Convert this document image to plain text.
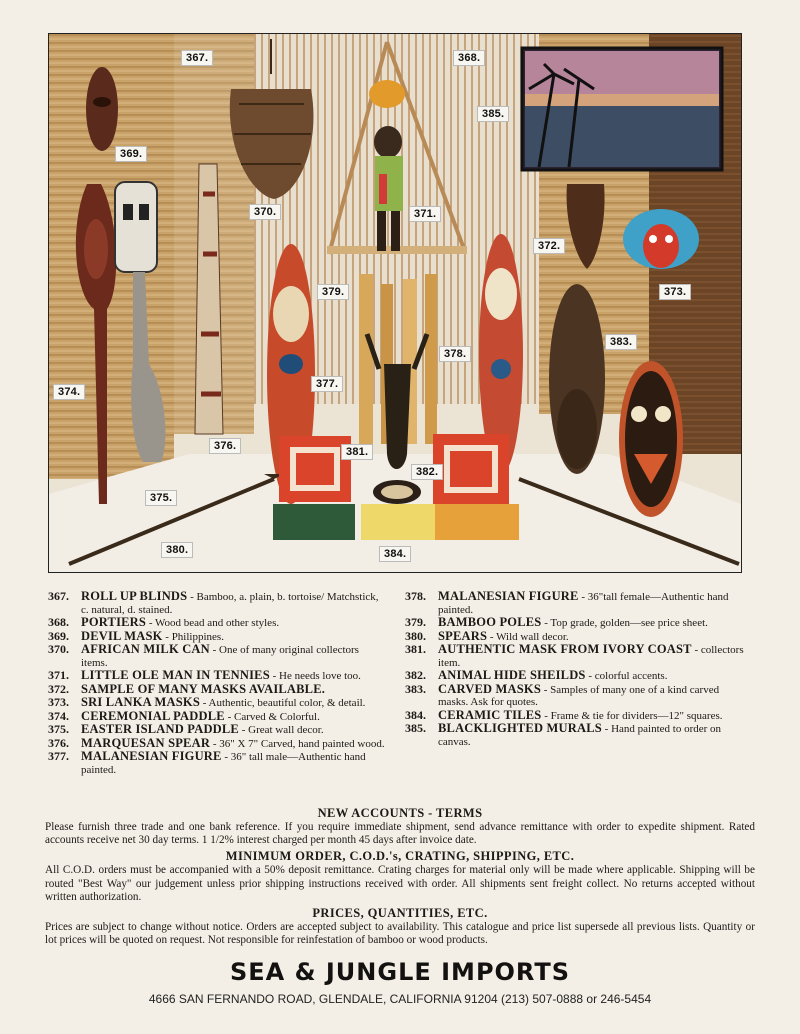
367.	368.
369.
385.
370.	371.
372.
373.
379.
383.
378.
374.
377.
376.	381.
382.
375.
380.	384.
367. ROLL UP BLINDS - Bamboo, a. plain, b. tortoise/ Matchstick, c. natural, d. stained.
368. PORTIERS - Wood bead and other styles.
369. DEVIL MASK - Philippines.
370. AFRICAN MILK CAN - One of many original collectors items.
371. LITTLE OLE MAN IN TENNIES - He needs love too.
372. SAMPLE OF MANY MASKS AVAILABLE.
373. SRI LANKA MASKS - Authentic, beautiful color, & detail.
374. CEREMONIAL PADDLE - Carved & Colorful.
375. EASTER ISLAND PADDLE - Great wall decor.
376. MARQUESAN SPEAR - 36" X 7" Carved, hand painted wood.
377. MALANESIAN FIGURE - 36" tall male—Authentic hand painted.
378. MALANESIAN FIGURE - 36"tall female—Authentic hand painted.
379. BAMBOO POLES - Top grade, golden—see price sheet.
380. SPEARS - Wild wall decor.
381. AUTHENTIC MASK FROM IVORY COAST - collectors item.
382. ANIMAL HIDE SHEILDS - colorful accents.
383. CARVED MASKS - Samples of many one of a kind carved masks. Ask for quotes.
384. CERAMIC TILES - Frame & tie for dividers—12" squares.
385. BLACKLIGHTED MURALS - Hand painted to order on canvas.
NEW ACCOUNTS - TERMS

Please furnish three trade and one bank reference. If you require immediate shipment, send advance remittance with order to expedite shipment. Rated accounts receive net 30 day terms. 1 1/2% interest charged per month 45 days after invoice date.

MINIMUM ORDER, C.O.D.'s, CRATING, SHIPPING, ETC.

All C.O.D. orders must be accompanied with a 50% deposit remittance. Crating charges for material only will be made where applicable. Shipping will be routed "Best Way" our judgement unless prior shipping instructions received with order. All shipments sent freight collect. No returns accepted without written authorization.

PRICES, QUANTITIES, ETC.

Prices are subject to change without notice. Orders are accepted subject to availability. This catalogue and price list supersede all previous lists. Quantity or lot prices will be quoted on request. Not responsible for reinfestation of bamboo or wood products.

SEA & JUNGLE IMPORTS
4666 SAN FERNANDO ROAD, GLENDALE, CALIFORNIA 91204 (213) 507-0888 or 246-5454
